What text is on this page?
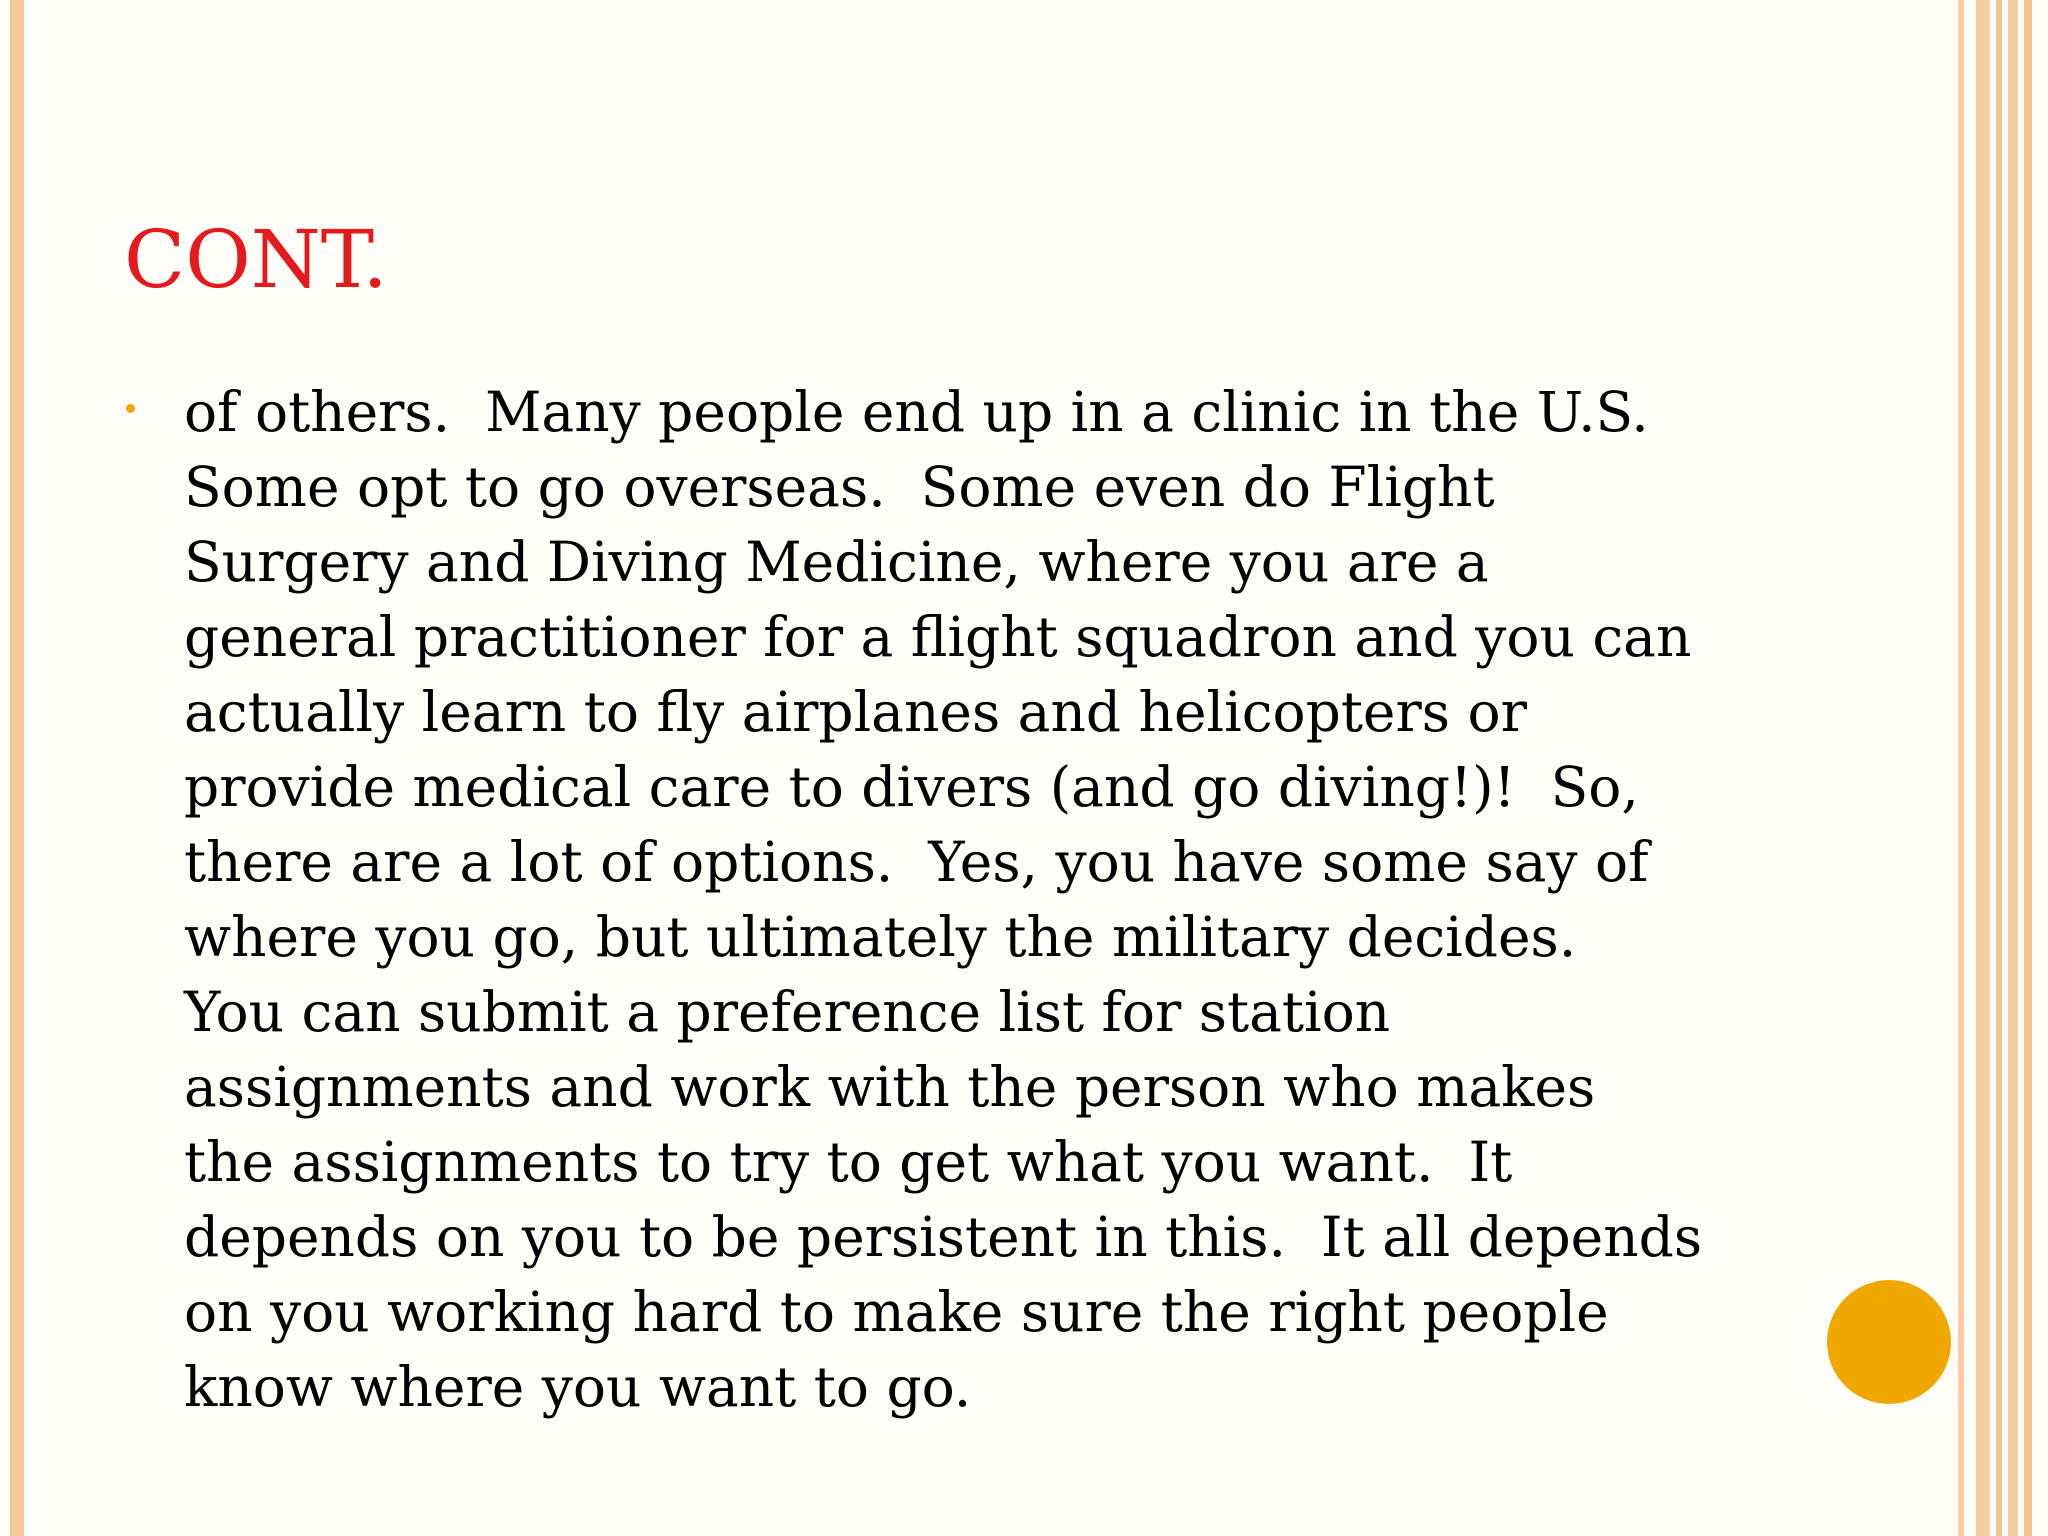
CONT.
of others.  Many people end up in a clinic in the U.S.
Some opt to go overseas.  Some even do Flight
Surgery and Diving Medicine, where you are a
general practitioner for a flight squadron and you can
actually learn to fly airplanes and helicopters or
provide medical care to divers (and go diving!)!  So,
there are a lot of options.  Yes, you have some say of
where you go, but ultimately the military decides.
You can submit a preference list for station
assignments and work with the person who makes
the assignments to try to get what you want.  It
depends on you to be persistent in this.  It all depends
on you working hard to make sure the right people
know where you want to go.
